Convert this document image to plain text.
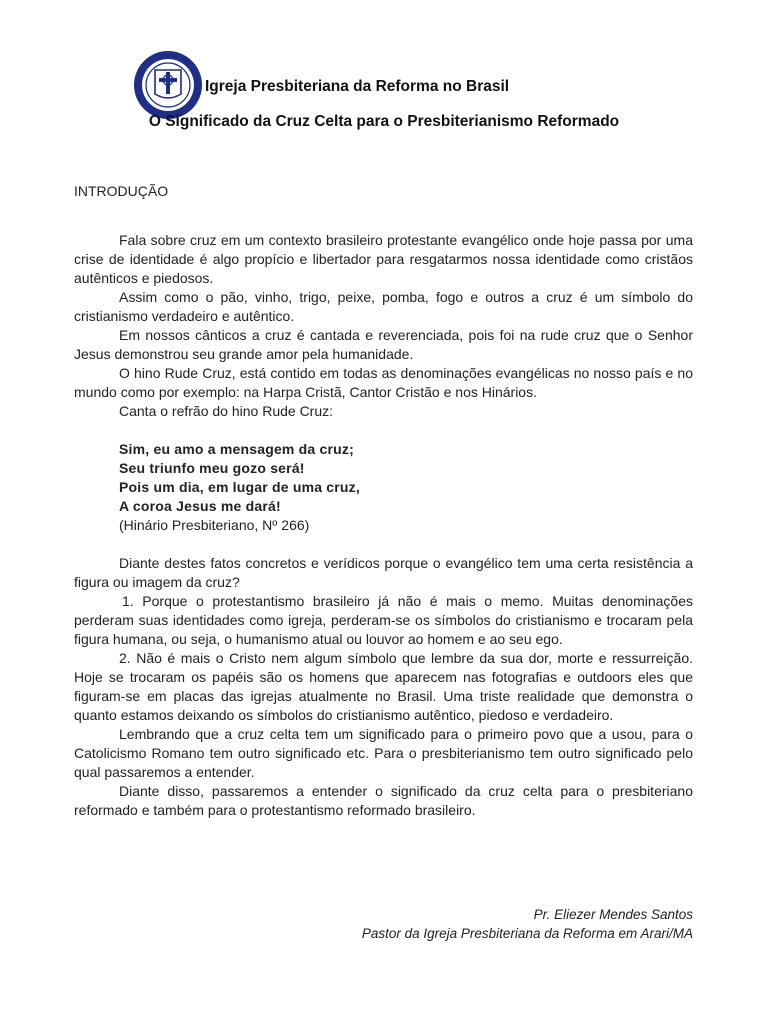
Igreja Presbiteriana da Reforma no Brasil
O Significado da Cruz Celta para o Presbiterianismo Reformado
INTRODUÇÃO

Fala sobre cruz em um contexto brasileiro protestante evangélico onde hoje passa por uma crise de identidade é algo propício e libertador para resgatarmos nossa identidade como cristãos autênticos e piedosos.

Assim como o pão, vinho, trigo, peixe, pomba, fogo e outros a cruz é um símbolo do cristianismo verdadeiro e autêntico.

Em nossos cânticos a cruz é cantada e reverenciada, pois foi na rude cruz que o Senhor Jesus demonstrou seu grande amor pela humanidade.

O hino Rude Cruz, está contido em todas as denominações evangélicas no nosso país e no mundo como por exemplo: na Harpa Cristã, Cantor Cristão e nos Hinários.

Canta o refrão do hino Rude Cruz:

Sim, eu amo a mensagem da cruz;

Seu triunfo meu gozo será!

Pois um dia, em lugar de uma cruz,

A coroa Jesus me dará!

(Hinário Presbiteriano, Nº 266)

Diante destes fatos concretos e verídicos porque o evangélico tem uma certa resistência a figura ou imagem da cruz?

1. Porque o protestantismo brasileiro já não é mais o memo. Muitas denominações perderam suas identidades como igreja, perderam-se os símbolos do cristianismo e trocaram pela figura humana, ou seja, o humanismo atual ou louvor ao homem e ao seu ego.

2. Não é mais o Cristo nem algum símbolo que lembre da sua dor, morte e ressurreição. Hoje se trocaram os papéis são os homens que aparecem nas fotografias e outdoors eles que figuram-se em placas das igrejas atualmente no Brasil. Uma triste realidade que demonstra o quanto estamos deixando os símbolos do cristianismo autêntico, piedoso e verdadeiro.

Lembrando que a cruz celta tem um significado para o primeiro povo que a usou, para o Catolicismo Romano tem outro significado etc. Para o presbiterianismo tem outro significado pelo qual passaremos a entender.

Diante disso, passaremos a entender o significado da cruz celta para o presbiteriano reformado e também para o protestantismo reformado brasileiro.

Pr. Eliezer Mendes Santos
Pastor da Igreja Presbiteriana da Reforma em Arari/MA
